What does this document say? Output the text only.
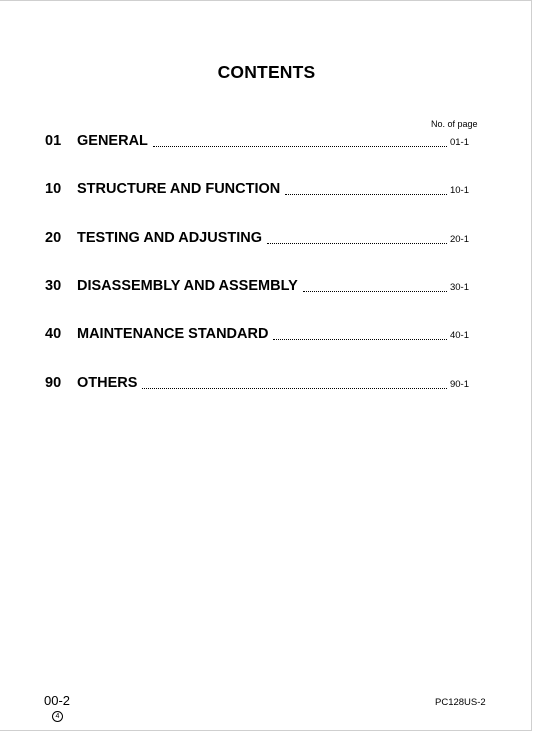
CONTENTS
No. of page
01	GENERAL	01-1
10	STRUCTURE AND FUNCTION	10-1
20	TESTING AND ADJUSTING	20-1
30	DISASSEMBLY AND ASSEMBLY	30-1
40	MAINTENANCE STANDARD	40-1
90	OTHERS	90-1
00-2
4
PC128US-2
